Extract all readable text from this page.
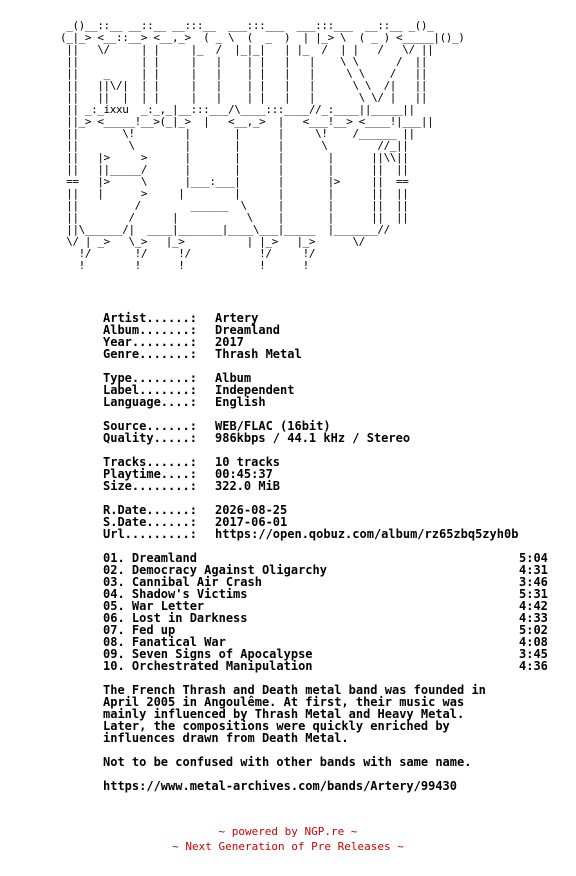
_()__::__ __::__ __:::__  ___:::___  ___:::___  __::__ _()_
(_|_> <__::__> <__,_>  ( _ \  (  _  )  | |_> \  ( _ ) <_____|()_)
||   \/     | |     |_  /  |_|_|   | |_  /  | |   /   \/ ||
||          | |     |   |    | |   |   |    \ \      /  ||
||    _     | |     |   |    | |   |   |     \ \    /   ||
||   ||\/|  | |     |   |    | |   |   |      \ \  /|   ||
||   ||  |  | |     |   |    | |   |   |       \ \/ |   ||
|| _:_ixxu  _:_,_|__:::___/\____:::____//_:____||_____||
||_> <_____!__>(_|_>  |   <__,_>  |   <___!__> <____!|___||
||       \!        |       |      |     \!    /______ ||
||        \        |       |      |      \        //_||
||   |>     >      |       |      |       |      ||\\||
||   ||_____/      |       |      |       |      ||  ||
==   |>     \      |___:___|      |       |>     ||  ==
||   |      >     |        |      |       |      ||  ||
||         /        ______  \     |       |      ||  ||
||        /      |           \    |       |      ||  ||
||\______/|  ____|_______|____\___|_____  |_______//
\/ | _>   \_>   |_>          | |_>   |_>      \/
!/       !/     !/           !/     !/
!        !      !            !      !
Artist......: Artery
Album.......: Dreamland
Year........: 2017
Genre.......: Thrash Metal
Type........: Album
Label.......: Independent
Language....: English
Source......: WEB/FLAC (16bit)
Quality.....: 986kbps / 44.1 kHz / Stereo
Tracks......: 10 tracks
Playtime....: 00:45:37
Size........: 322.0 MiB
R.Date......: 2026-08-25
S.Date......: 2017-06-01
Url.........: https://open.qobuz.com/album/rz65zbq5zyh0b
01. Dreamland	5:04
02. Democracy Against Oligarchy	4:31
03. Cannibal Air Crash	3:46
04. Shadow's Victims	5:31
05. War Letter	4:42
06. Lost in Darkness	4:33
07. Fed up	5:02
08. Fanatical War	4:08
09. Seven Signs of Apocalypse	3:45
10. Orchestrated Manipulation	4:36
The French Thrash and Death metal band was founded in
April 2005 in Angoulême. At first, their music was
mainly influenced by Thrash Metal and Heavy Metal.
Later, the compositions were quickly enriched by
influences drawn from Death Metal.
Not to be confused with other bands with same name.
https://www.metal-archives.com/bands/Artery/99430
~ powered by NGP.re ~
~ Next Generation of Pre Releases ~
